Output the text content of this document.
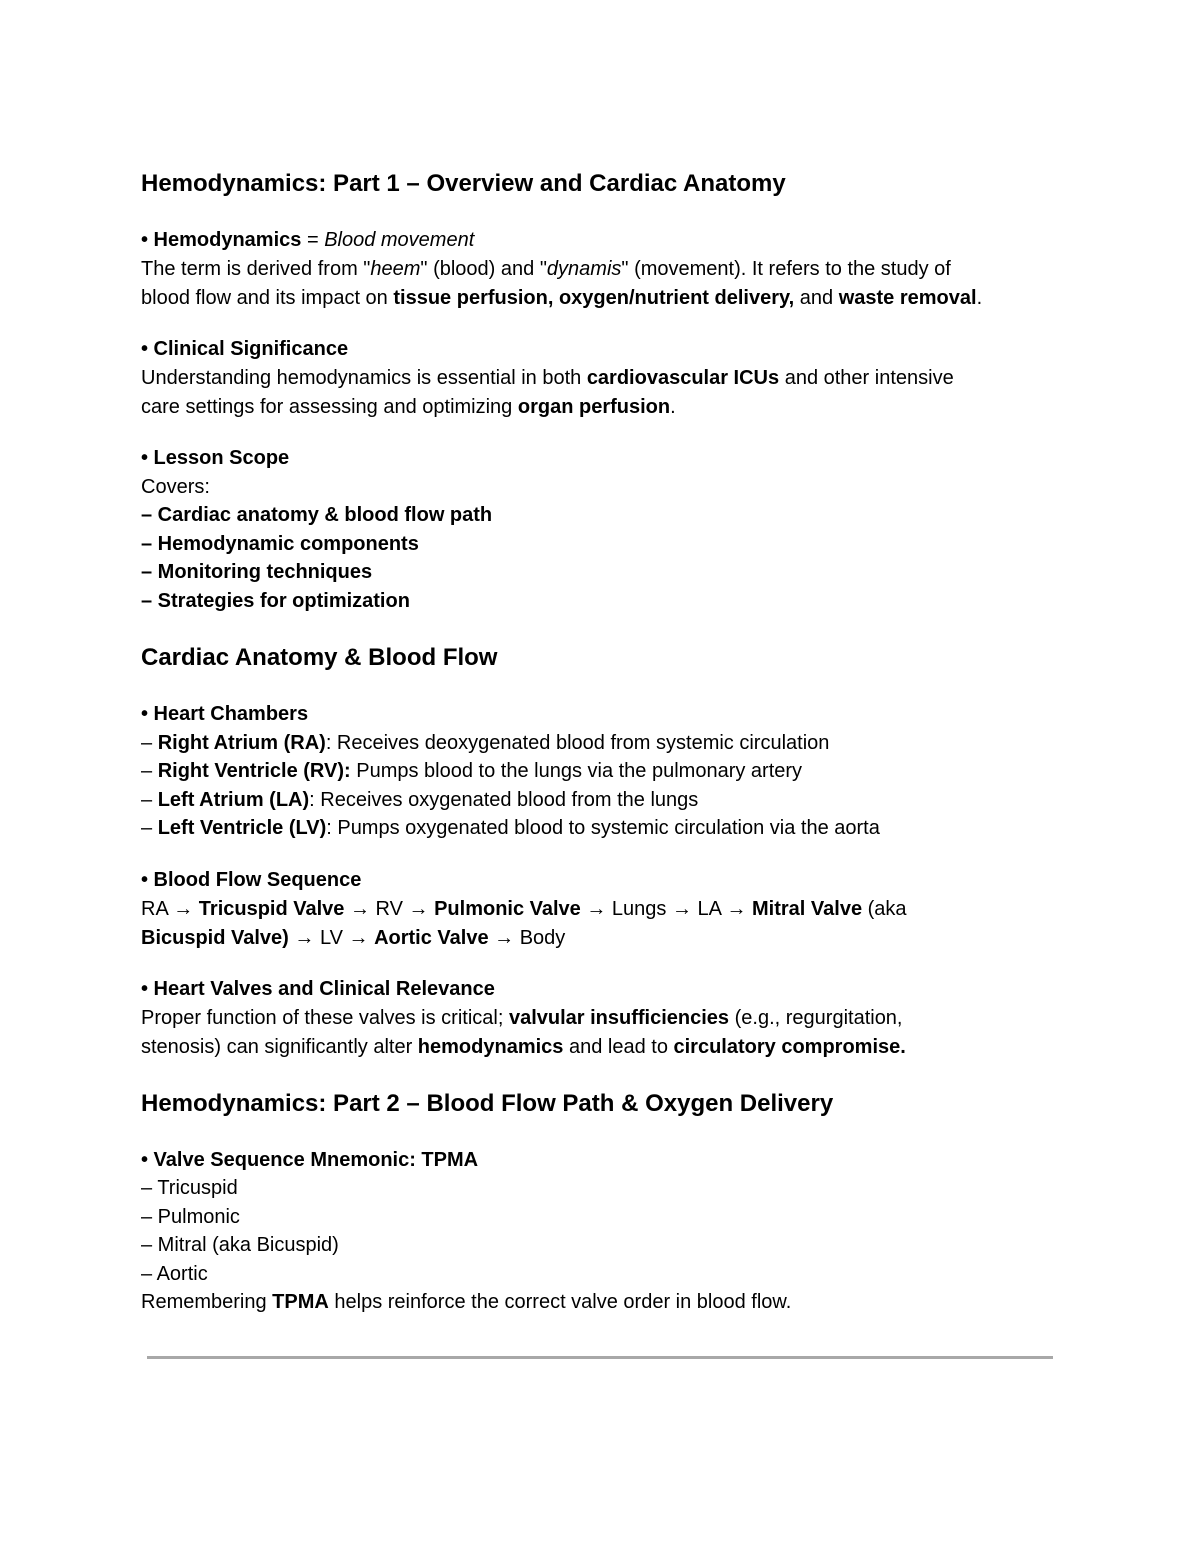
Hemodynamics: Part 1 – Overview and Cardiac Anatomy
• Hemodynamics = Blood movement
The term is derived from "heem" (blood) and "dynamis" (movement). It refers to the study of
blood flow and its impact on tissue perfusion, oxygen/nutrient delivery, and waste removal.
• Clinical Significance
Understanding hemodynamics is essential in both cardiovascular ICUs and other intensive
care settings for assessing and optimizing organ perfusion.
• Lesson Scope
Covers:
– Cardiac anatomy & blood flow path
– Hemodynamic components
– Monitoring techniques
– Strategies for optimization
Cardiac Anatomy & Blood Flow
• Heart Chambers
– Right Atrium (RA): Receives deoxygenated blood from systemic circulation
– Right Ventricle (RV): Pumps blood to the lungs via the pulmonary artery
– Left Atrium (LA): Receives oxygenated blood from the lungs
– Left Ventricle (LV): Pumps oxygenated blood to systemic circulation via the aorta
• Blood Flow Sequence
RA → Tricuspid Valve → RV → Pulmonic Valve → Lungs → LA → Mitral Valve (aka
Bicuspid Valve) → LV → Aortic Valve → Body
• Heart Valves and Clinical Relevance
Proper function of these valves is critical; valvular insufficiencies (e.g., regurgitation,
stenosis) can significantly alter hemodynamics and lead to circulatory compromise.
Hemodynamics: Part 2 – Blood Flow Path & Oxygen Delivery
• Valve Sequence Mnemonic: TPMA
– Tricuspid
– Pulmonic
– Mitral (aka Bicuspid)
– Aortic
Remembering TPMA helps reinforce the correct valve order in blood flow.
